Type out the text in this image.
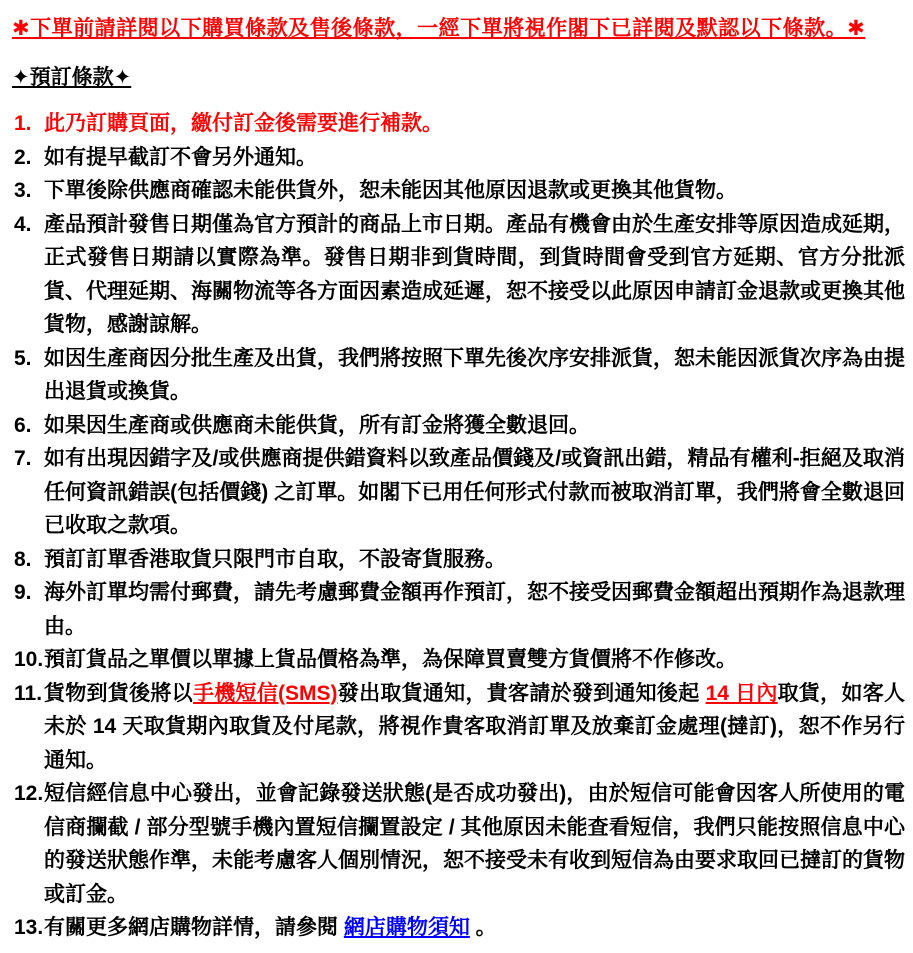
✱下單前請詳閱以下購買條款及售後條款，一經下單將視作閣下已詳閱及默認以下條款。✱
✦預訂條款✦
1. 此乃訂購頁面，繳付訂金後需要進行補款。
2. 如有提早截訂不會另外通知。
3. 下單後除供應商確認未能供貨外，恕未能因其他原因退款或更換其他貨物。
4. 產品預計發售日期僅為官方預計的商品上市日期。產品有機會由於生產安排等原因造成延期，正式發售日期請以實際為準。發售日期非到貨時間，到貨時間會受到官方延期、官方分批派貨、代理延期、海關物流等各方面因素造成延遲，恕不接受以此原因申請訂金退款或更換其他貨物，感謝諒解。
5. 如因生產商因分批生產及出貨，我們將按照下單先後次序安排派貨，恕未能因派貨次序為由提出退貨或換貨。
6. 如果因生產商或供應商未能供貨，所有訂金將獲全數退回。
7. 如有出現因錯字及/或供應商提供錯資料以致產品價錢及/或資訊出錯，精品有權利-拒絕及取消任何資訊錯誤(包括價錢) 之訂單。如閣下已用任何形式付款而被取消訂單，我們將會全數退回已收取之款項。
8. 預訂訂單香港取貨只限門市自取，不設寄貨服務。
9. 海外訂單均需付郵費，請先考慮郵費金額再作預訂，恕不接受因郵費金額超出預期作為退款理由。
10. 預訂貨品之單價以單據上貨品價格為準，為保障買賣雙方貨價將不作修改。
11. 貨物到貨後將以手機短信(SMS)發出取貨通知，貴客請於發到通知後起 14 日內取貨，如客人未於 14 天取貨期內取貨及付尾款，將視作貴客取消訂單及放棄訂金處理(撻訂)，恕不作另行通知。
12. 短信經信息中心發出，並會記錄發送狀態(是否成功發出)，由於短信可能會因客人所使用的電信商攔截 / 部分型號手機內置短信攔置設定 / 其他原因未能査看短信，我們只能按照信息中心的發送狀態作準，未能考慮客人個別情況，恕不接受未有收到短信為由要求取回已撻訂的貨物或訂金。
13. 有關更多網店購物詳情，請參閱 網店購物須知 。
